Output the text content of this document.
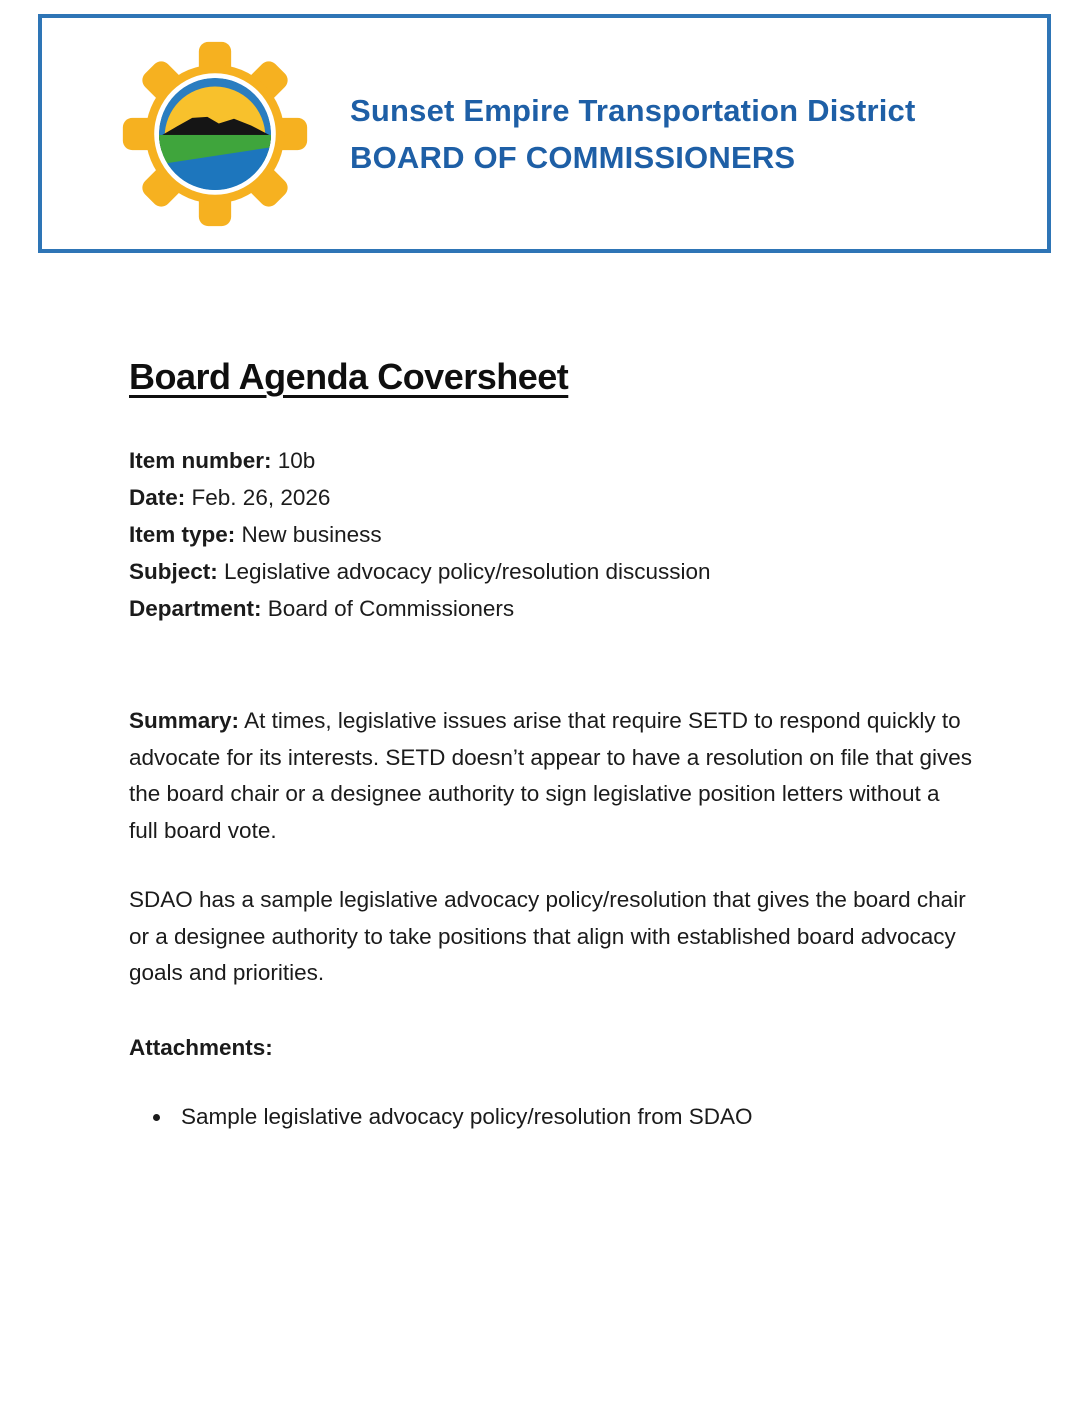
Sunset Empire Transportation District
BOARD OF COMMISSIONERS
Board Agenda Coversheet
Item number: 10b
Date: Feb. 26, 2026
Item type: New business
Subject: Legislative advocacy policy/resolution discussion
Department: Board of Commissioners

Summary: At times, legislative issues arise that require SETD to respond quickly to advocate for its interests. SETD doesn’t appear to have a resolution on file that gives the board chair or a designee authority to sign legislative position letters without a full board vote.

SDAO has a sample legislative advocacy policy/resolution that gives the board chair or a designee authority to take positions that align with established board advocacy goals and priorities.

Attachments:

• Sample legislative advocacy policy/resolution from SDAO
